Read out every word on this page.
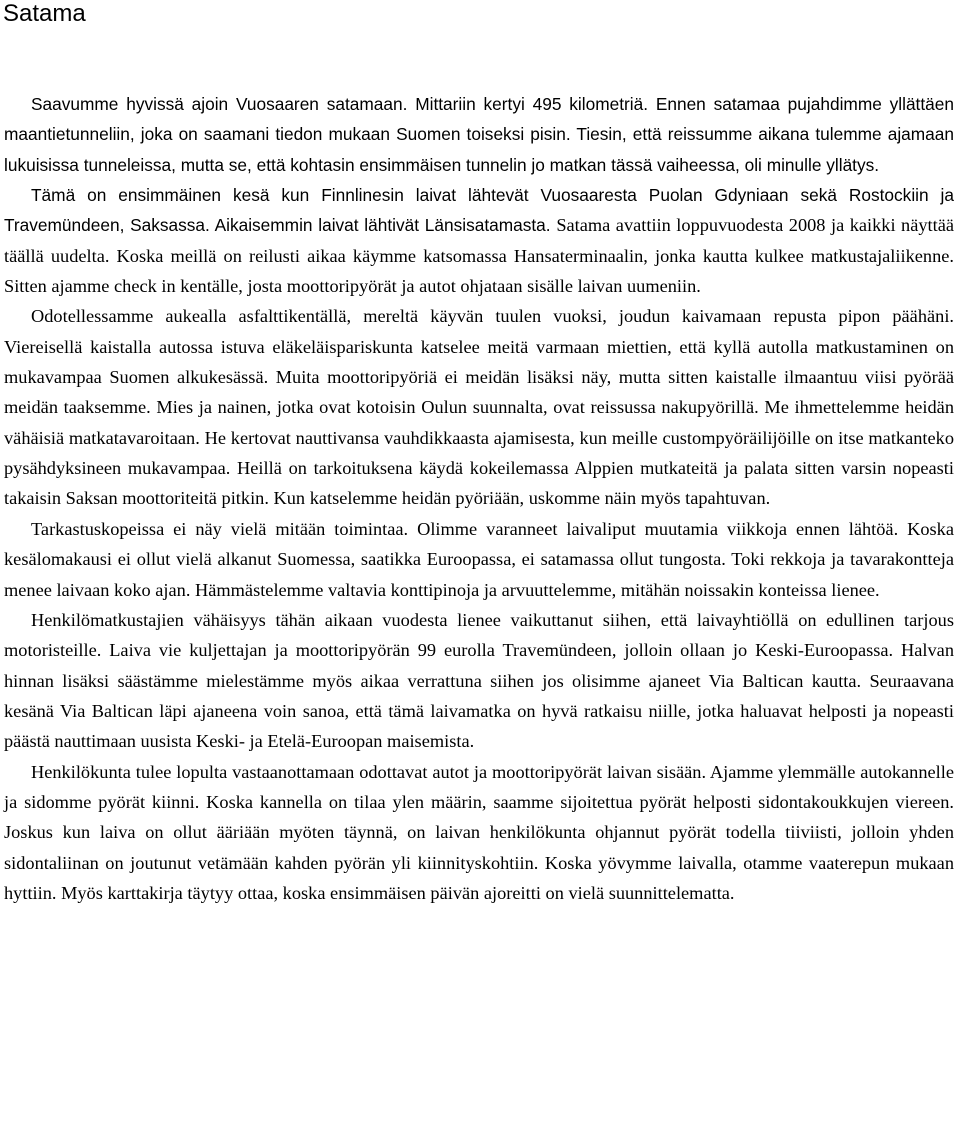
Satama

Saavumme hyvissä ajoin Vuosaaren satamaan. Mittariin kertyi 495 kilometriä. Ennen satamaa pujahdimme yllättäen maantietunneliin, joka on saamani tiedon mukaan Suomen toiseksi pisin. Tiesin, että reissumme aikana tulemme ajamaan lukuisissa tunneleissa, mutta se, että kohtasin ensimmäisen tunnelin jo matkan tässä vaiheessa, oli minulle yllätys.

Tämä on ensimmäinen kesä kun Finnlinesin laivat lähtevät Vuosaaresta Puolan Gdyniaan sekä Rostockiin ja Travemündeen, Saksassa. Aikaisemmin laivat lähtivät Länsisatamasta. Satama avattiin loppuvuodesta 2008 ja kaikki näyttää täällä uudelta. Koska meillä on reilusti aikaa käymme katsomassa Hansaterminaalin, jonka kautta kulkee matkustajaliikenne. Sitten ajamme check in kentälle, josta moottoripyörät ja autot ohjataan sisälle laivan uumeniin.

Odotellessamme aukealla asfalttikentällä, mereltä käyvän tuulen vuoksi, joudun kaivamaan repusta pipon päähäni. Viereisellä kaistalla autossa istuva eläkeläispariskunta katselee meitä varmaan miettien, että kyllä autolla matkustaminen on mukavampaa Suomen alkukesässä. Muita moottoripyöriä ei meidän lisäksi näy, mutta sitten kaistalle ilmaantuu viisi pyörää meidän taaksemme. Mies ja nainen, jotka ovat kotoisin Oulun suunnalta, ovat reissussa nakupyörillä. Me ihmettelemme heidän vähäisiä matkatavaroitaan. He kertovat nauttivansa vauhdikkaasta ajamisesta, kun meille custompyöräilijöille on itse matkanteko pysähdyksineen mukavampaa. Heillä on tarkoituksena käydä kokeilemassa Alppien mutkateitä ja palata sitten varsin nopeasti takaisin Saksan moottoriteitä pitkin. Kun katselemme heidän pyöriään, uskomme näin myös tapahtuvan.

Tarkastuskopeissa ei näy vielä mitään toimintaa. Olimme varanneet laivaliput muutamia viikkoja ennen lähtöä. Koska kesälomakausi ei ollut vielä alkanut Suomessa, saatikka Euroopassa, ei satamassa ollut tungosta. Toki rekkoja ja tavarakontteja menee laivaan koko ajan. Hämmästelemme valtavia konttipinoja ja arvuuttelemme, mitähän noissakin konteissa lienee.

Henkilömatkustajien vähäisyys tähän aikaan vuodesta lienee vaikuttanut siihen, että laivayhtiöllä on edullinen tarjous motoristeille. Laiva vie kuljettajan ja moottoripyörän 99 eurolla Travemündeen, jolloin ollaan jo Keski-Euroopassa. Halvan hinnan lisäksi säästämme mielestämme myös aikaa verrattuna siihen jos olisimme ajaneet Via Baltican kautta. Seuraavana kesänä Via Baltican läpi ajaneena voin sanoa, että tämä laivamatka on hyvä ratkaisu niille, jotka haluavat helposti ja nopeasti päästä nauttimaan uusista Keski- ja Etelä-Euroopan maisemista.

Henkilökunta tulee lopulta vastaanottamaan odottavat autot ja moottoripyörät laivan sisään. Ajamme ylemmälle autokannelle ja sidomme pyörät kiinni. Koska kannella on tilaa ylen määrin, saamme sijoitettua pyörät helposti sidontakoukkujen viereen. Joskus kun laiva on ollut ääriään myöten täynnä, on laivan henkilökunta ohjannut pyörät todella tiiviisti, jolloin yhden sidontaliinan on joutunut vetämään kahden pyörän yli kiinnityskohtiin. Koska yövymme laivalla, otamme vaaterepun mukaan hyttiin. Myös karttakirja täytyy ottaa, koska ensimmäisen päivän ajoreitti on vielä suunnittelematta.
